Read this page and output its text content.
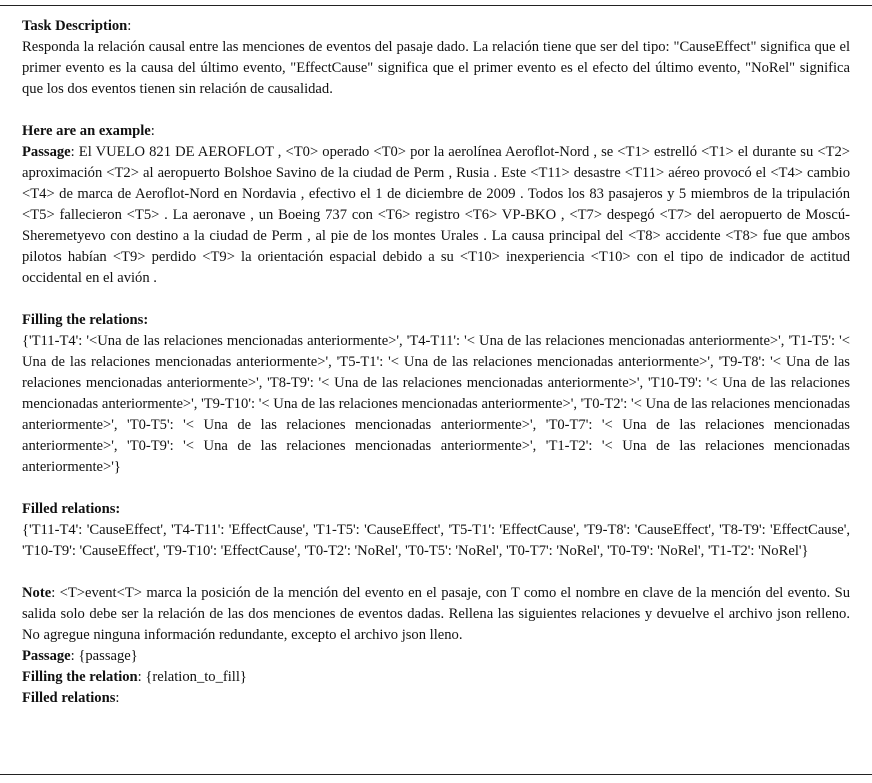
Task Description:

Responda la relación causal entre las menciones de eventos del pasaje dado. La relación tiene que ser del tipo: "CauseEffect" significa que el primer evento es la causa del último evento, "EffectCause" significa que el primer evento es el efecto del último evento, "NoRel" significa que los dos eventos tienen sin relación de causalidad.

Here are an example:

Passage: El VUELO 821 DE AEROFLOT , <T0> operado <T0> por la aerolínea Aeroflot-Nord , se <T1> estrelló <T1> el durante su <T2> aproximación <T2> al aeropuerto Bolshoe Savino de la ciudad de Perm , Rusia . Este <T11> desastre <T11> aéreo provocó el <T4> cambio <T4> de marca de Aeroflot-Nord en Nordavia , efectivo el 1 de diciembre de 2009 . Todos los 83 pasajeros y 5 miembros de la tripulación <T5> fallecieron <T5> . La aeronave , un Boeing 737 con <T6> registro <T6> VP-BKO , <T7> despegó <T7> del aeropuerto de Moscú-Sheremetyevo con destino a la ciudad de Perm , al pie de los montes Urales . La causa principal del <T8> accidente <T8> fue que ambos pilotos habían <T9> perdido <T9> la orientación espacial debido a su <T10> inexperiencia <T10> con el tipo de indicador de actitud occidental en el avión .

Filling the relations:

{'T11-T4': '<Una de las relaciones mencionadas anteriormente>', 'T4-T11': '< Una de las relaciones mencionadas anteriormente>', 'T1-T5': '< Una de las relaciones mencionadas anteriormente>', 'T5-T1': '< Una de las relaciones mencionadas anteriormente>', 'T9-T8': '< Una de las relaciones mencionadas anteriormente>', 'T8-T9': '< Una de las relaciones mencionadas anteriormente>', 'T10-T9': '< Una de las relaciones mencionadas anteriormente>', 'T9-T10': '< Una de las relaciones mencionadas anteriormente>', 'T0-T2': '< Una de las relaciones mencionadas anteriormente>', 'T0-T5': '< Una de las relaciones mencionadas anteriormente>', 'T0-T7': '< Una de las relaciones mencionadas anteriormente>', 'T0-T9': '< Una de las relaciones mencionadas anteriormente>', 'T1-T2': '< Una de las relaciones mencionadas anteriormente>'}

Filled relations:

{'T11-T4': 'CauseEffect', 'T4-T11': 'EffectCause', 'T1-T5': 'CauseEffect', 'T5-T1': 'EffectCause', 'T9-T8': 'CauseEffect', 'T8-T9': 'EffectCause', 'T10-T9': 'CauseEffect', 'T9-T10': 'EffectCause', 'T0-T2': 'NoRel', 'T0-T5': 'NoRel', 'T0-T7': 'NoRel', 'T0-T9': 'NoRel', 'T1-T2': 'NoRel'}

Note: <T>event<T> marca la posición de la mención del evento en el pasaje, con T como el nombre en clave de la mención del evento. Su salida solo debe ser la relación de las dos menciones de eventos dadas. Rellena las siguientes relaciones y devuelve el archivo json relleno. No agregue ninguna información redundante, excepto el archivo json lleno.

Passage: {passage}

Filling the relation: {relation_to_fill}

Filled relations:
